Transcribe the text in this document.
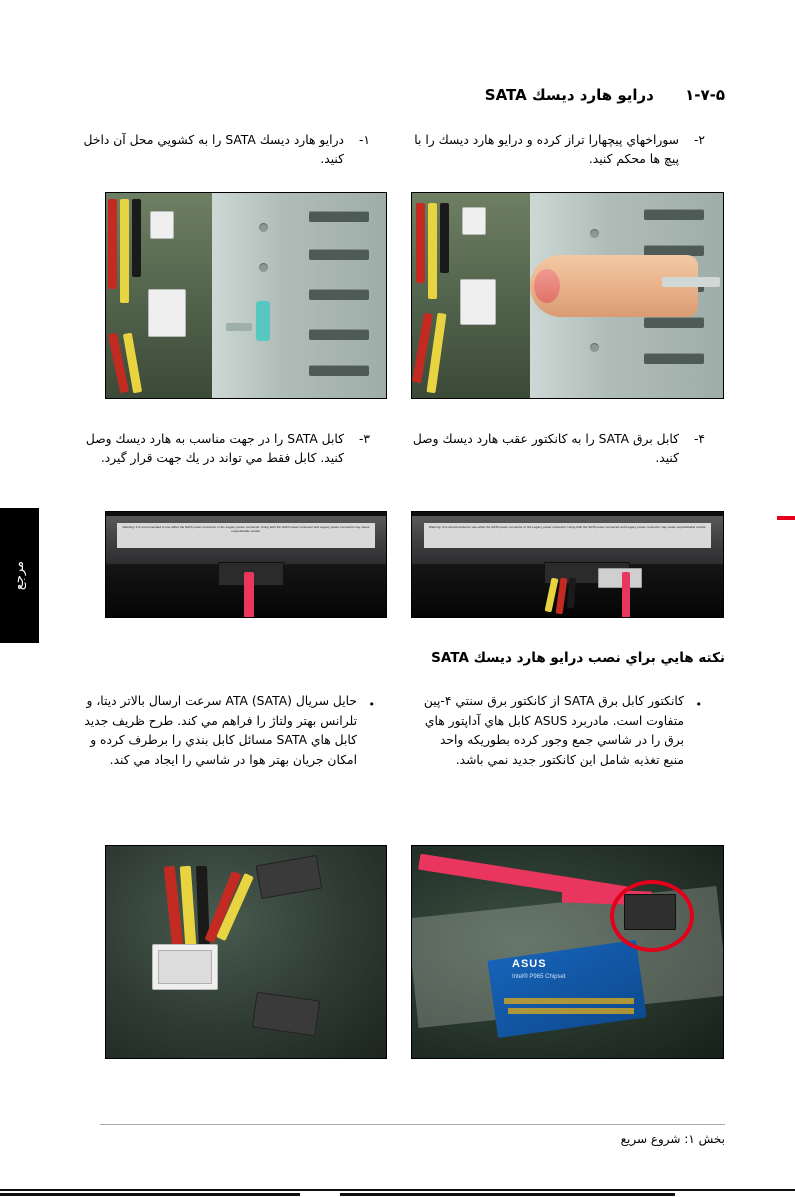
مرجع
۱-۷-۵ درايو هارد ديسك SATA
۱-
درايو هارد ديسك SATA را به كشويي محل آن داخل كنيد.
۲-
سوراخهاي پيچهارا تراز كرده و درايو هارد ديسك را با پيچ ها محكم كنيد.
۳-
كابل SATA را در جهت مناسب به هارد ديسك وصل كنيد. كابل فقط مي تواند در يك جهت قرار گيرد.
۴-
كابل برق SATA را به كانكتور عقب هارد ديسك وصل كنيد.
Warning: It is recommended to use either the SATA power connector or the Legacy power connector. Using both the SATA power connector and Legacy power connector may cause unpredictable results.
Warning: It is recommended to use either the SATA power connector or the Legacy power connector. Using both the SATA power connector and Legacy power connector may cause unpredictable results.
نكته هايي براي نصب درايو هارد ديسك SATA
•
حايل سريال ATA (SATA) سرعت ارسال بالاتر ديتا، و تلرانس بهتر ولتاژ را فراهم مي كند. طرح ظريف جديد كابل هاي SATA مسائل كابل بندي را برطرف كرده و امكان جريان بهتر هوا در شاسي را ايجاد مي كند.
•
كانكتور كابل برق SATA از كانكتور برق سنتي ۴-پين متفاوت است. مادربرد ASUS كابل هاي آداپتور هاي برق را در شاسي جمع وجور كرده بطوريكه واحد منبع تغذيه شامل اين كانكتور جديد نمي باشد.
ASUS
Intel® P965 Chipset
بخش ۱: شروع سریع
